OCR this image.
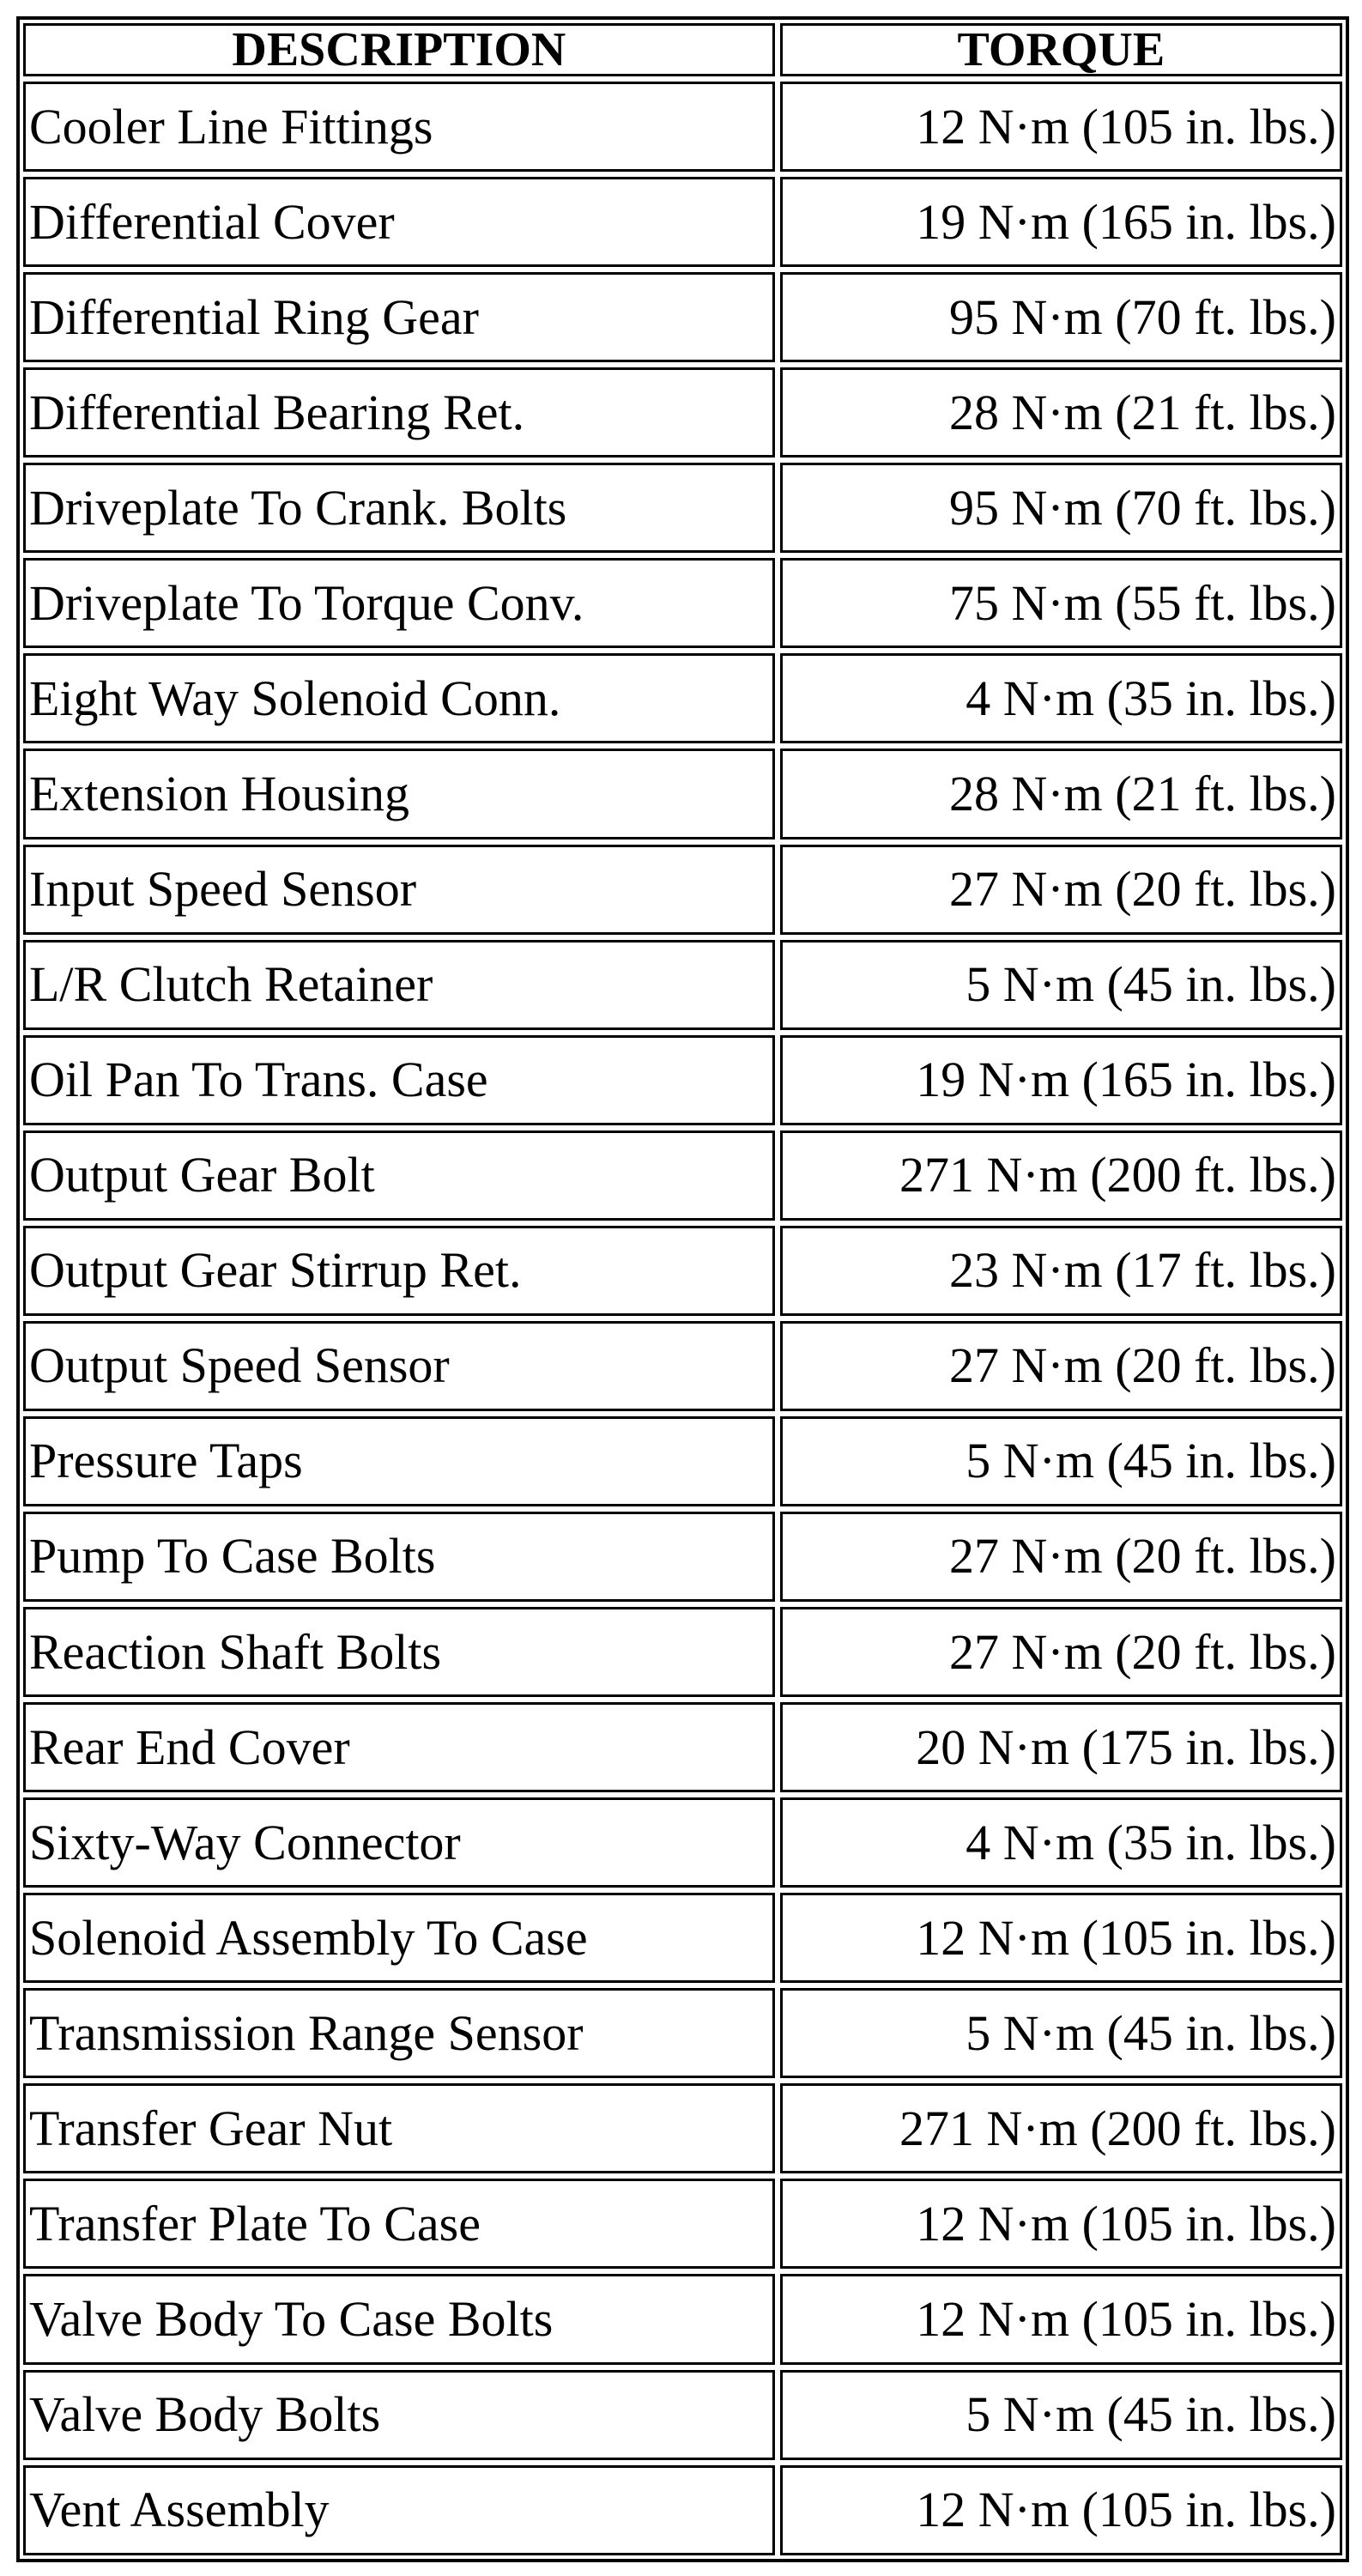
DESCRIPTION	TORQUE
Cooler Line Fittings	12 N·m (105 in. lbs.)
Differential Cover	19 N·m (165 in. lbs.)
Differential Ring Gear	95 N·m (70 ft. lbs.)
Differential Bearing Ret.	28 N·m (21 ft. lbs.)
Driveplate To Crank. Bolts	95 N·m (70 ft. lbs.)
Driveplate To Torque Conv.	75 N·m (55 ft. lbs.)
Eight Way Solenoid Conn.	4 N·m (35 in. lbs.)
Extension Housing	28 N·m (21 ft. lbs.)
Input Speed Sensor	27 N·m (20 ft. lbs.)
L/R Clutch Retainer	5 N·m (45 in. lbs.)
Oil Pan To Trans. Case	19 N·m (165 in. lbs.)
Output Gear Bolt	271 N·m (200 ft. lbs.)
Output Gear Stirrup Ret.	23 N·m (17 ft. lbs.)
Output Speed Sensor	27 N·m (20 ft. lbs.)
Pressure Taps	5 N·m (45 in. lbs.)
Pump To Case Bolts	27 N·m (20 ft. lbs.)
Reaction Shaft Bolts	27 N·m (20 ft. lbs.)
Rear End Cover	20 N·m (175 in. lbs.)
Sixty-Way Connector	4 N·m (35 in. lbs.)
Solenoid Assembly To Case	12 N·m (105 in. lbs.)
Transmission Range Sensor	5 N·m (45 in. lbs.)
Transfer Gear Nut	271 N·m (200 ft. lbs.)
Transfer Plate To Case	12 N·m (105 in. lbs.)
Valve Body To Case Bolts	12 N·m (105 in. lbs.)
Valve Body Bolts	5 N·m (45 in. lbs.)
Vent Assembly	12 N·m (105 in. lbs.)
